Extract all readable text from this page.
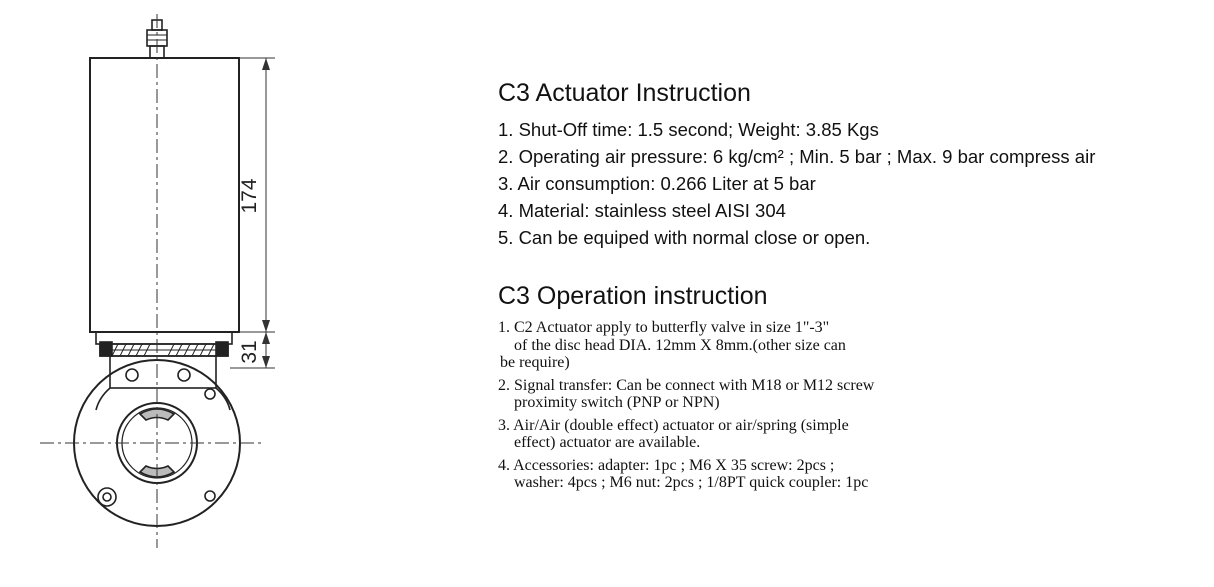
174
31
C3 Actuator Instruction
1. Shut-Off time: 1.5 second; Weight: 3.85 Kgs
2. Operating air pressure: 6 kg/cm² ; Min. 5 bar ; Max. 9 bar compress air
3. Air consumption: 0.266 Liter at 5 bar
4. Material: stainless steel AISI 304
5. Can be equiped with normal close or open.
C3 Operation instruction
1. C2 Actuator apply to butterfly valve in size 1"-3"
of the disc head DIA. 12mm X 8mm.(other size can
be require)
2. Signal transfer: Can be connect with M18 or M12 screw
proximity switch (PNP or NPN)
3. Air/Air (double effect) actuator or air/spring (simple
effect) actuator are available.
4. Accessories: adapter: 1pc ; M6 X 35 screw: 2pcs ;
washer: 4pcs ; M6 nut: 2pcs ; 1/8PT quick coupler: 1pc
